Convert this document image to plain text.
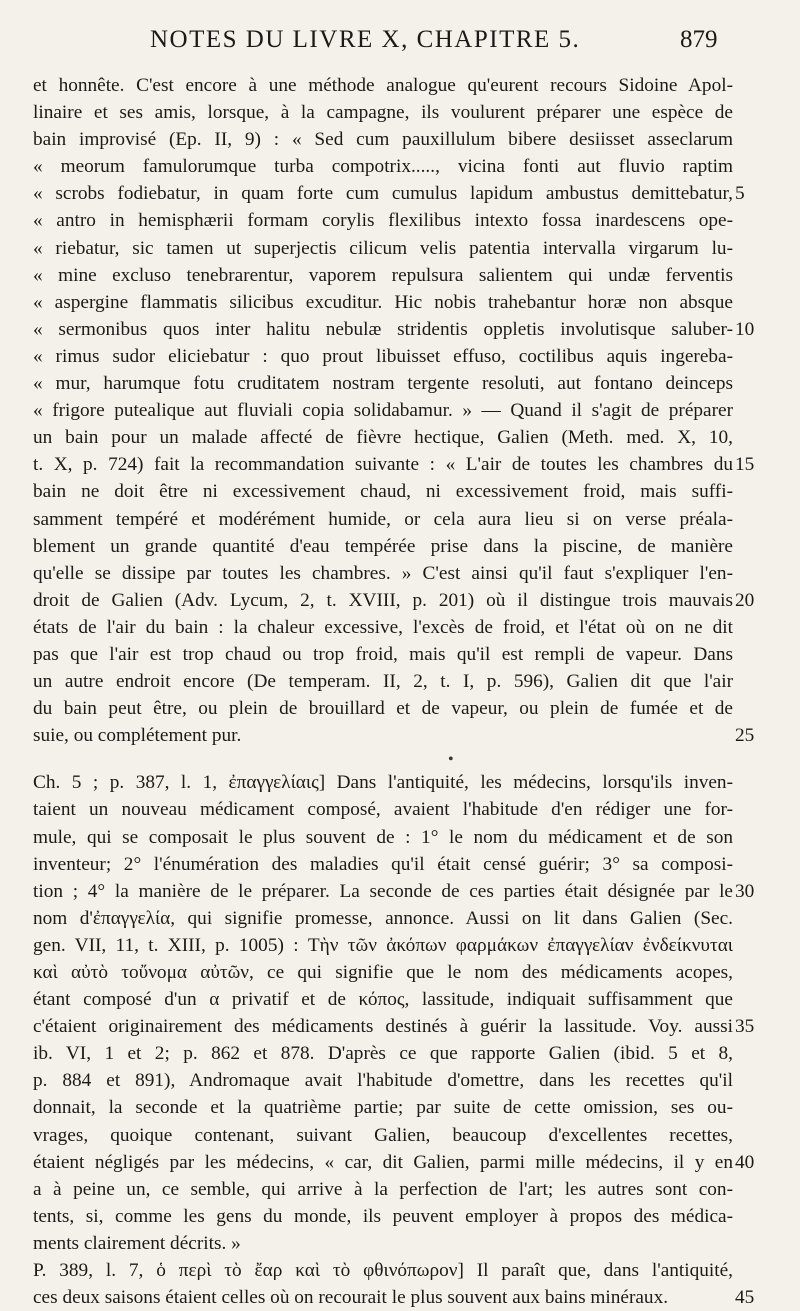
NOTES DU LIVRE X, CHAPITRE 5.	879
et honnête. C'est encore à une méthode analogue qu'eurent recours Sidoine Apol-
linaire et ses amis, lorsque, à la campagne, ils voulurent préparer une espèce de
bain improvisé (Ep. II, 9) : « Sed cum pauxillulum bibere desiisset asseclarum
« meorum famulorumque turba compotrix....., vicina fonti aut fluvio raptim
« scrobs fodiebatur, in quam forte cum cumulus lapidum ambustus demittebatur, 5
« antro in hemisphærii formam corylis flexilibus intexto fossa inardescens ope-
« riebatur, sic tamen ut superjectis cilicum velis patentia intervalla virgarum lu-
« mine excluso tenebrarentur, vaporem repulsura salientem qui undæ ferventis
« aspergine flammatis silicibus excuditur. Hic nobis trahebantur horæ non absque
« sermonibus quos inter halitu nebulæ stridentis oppletis involutisque saluber- 10
« rimus sudor eliciebatur : quo prout libuisset effuso, coctilibus aquis ingereba-
« mur, harumque fotu cruditatem nostram tergente resoluti, aut fontano deinceps
« frigore putealique aut fluviali copia solidabamur. » — Quand il s'agit de préparer
un bain pour un malade affecté de fièvre hectique, Galien (Meth. med. X, 10,
t. X, p. 724) fait la recommandation suivante : « L'air de toutes les chambres du 15
bain ne doit être ni excessivement chaud, ni excessivement froid, mais suffi-
samment tempéré et modérément humide, or cela aura lieu si on verse préala-
blement un grande quantité d'eau tempérée prise dans la piscine, de manière
qu'elle se dissipe par toutes les chambres. » C'est ainsi qu'il faut s'expliquer l'en-
droit de Galien (Adv. Lycum, 2, t. XVIII, p. 201) où il distingue trois mauvais 20
états de l'air du bain : la chaleur excessive, l'excès de froid, et l'état où on ne dit
pas que l'air est trop chaud ou trop froid, mais qu'il est rempli de vapeur. Dans
un autre endroit encore (De temperam. II, 2, t. I, p. 596), Galien dit que l'air
du bain peut être, ou plein de brouillard et de vapeur, ou plein de fumée et de
suie, ou complétement pur.	25
•
Ch. 5 ; p. 387, l. 1, ἐπαγγελίαις] Dans l'antiquité, les médecins, lorsqu'ils inven-
taient un nouveau médicament composé, avaient l'habitude d'en rédiger une for-
mule, qui se composait le plus souvent de : 1° le nom du médicament et de son
inventeur; 2° l'énumération des maladies qu'il était censé guérir; 3° sa composi-
tion ; 4° la manière de le préparer. La seconde de ces parties était désignée par le 30
nom d'ἐπαγγελία, qui signifie promesse, annonce. Aussi on lit dans Galien (Sec.
gen. VII, 11, t. XIII, p. 1005) : Τὴν τῶν ἀκόπων φαρμάκων ἐπαγγελίαν ἐνδείκνυται
καὶ αὐτὸ τοὔνομα αὐτῶν, ce qui signifie que le nom des médicaments acopes,
étant composé d'un α privatif et de κόπος, lassitude, indiquait suffisamment que
c'étaient originairement des médicaments destinés à guérir la lassitude. Voy. aussi 35
ib. VI, 1 et 2; p. 862 et 878. D'après ce que rapporte Galien (ibid. 5 et 8,
p. 884 et 891), Andromaque avait l'habitude d'omettre, dans les recettes qu'il
donnait, la seconde et la quatrième partie; par suite de cette omission, ses ou-
vrages, quoique contenant, suivant Galien, beaucoup d'excellentes recettes,
étaient négligés par les médecins, « car, dit Galien, parmi mille médecins, il y en 40
a à peine un, ce semble, qui arrive à la perfection de l'art; les autres sont con-
tents, si, comme les gens du monde, ils peuvent employer à propos des médica-
ments clairement décrits. »
P. 389, l. 7, ὁ περὶ τὸ ἔαρ καὶ τὸ φθινόπωρον] Il paraît que, dans l'antiquité,
ces deux saisons étaient celles où on recourait le plus souvent aux bains minéraux.	45
